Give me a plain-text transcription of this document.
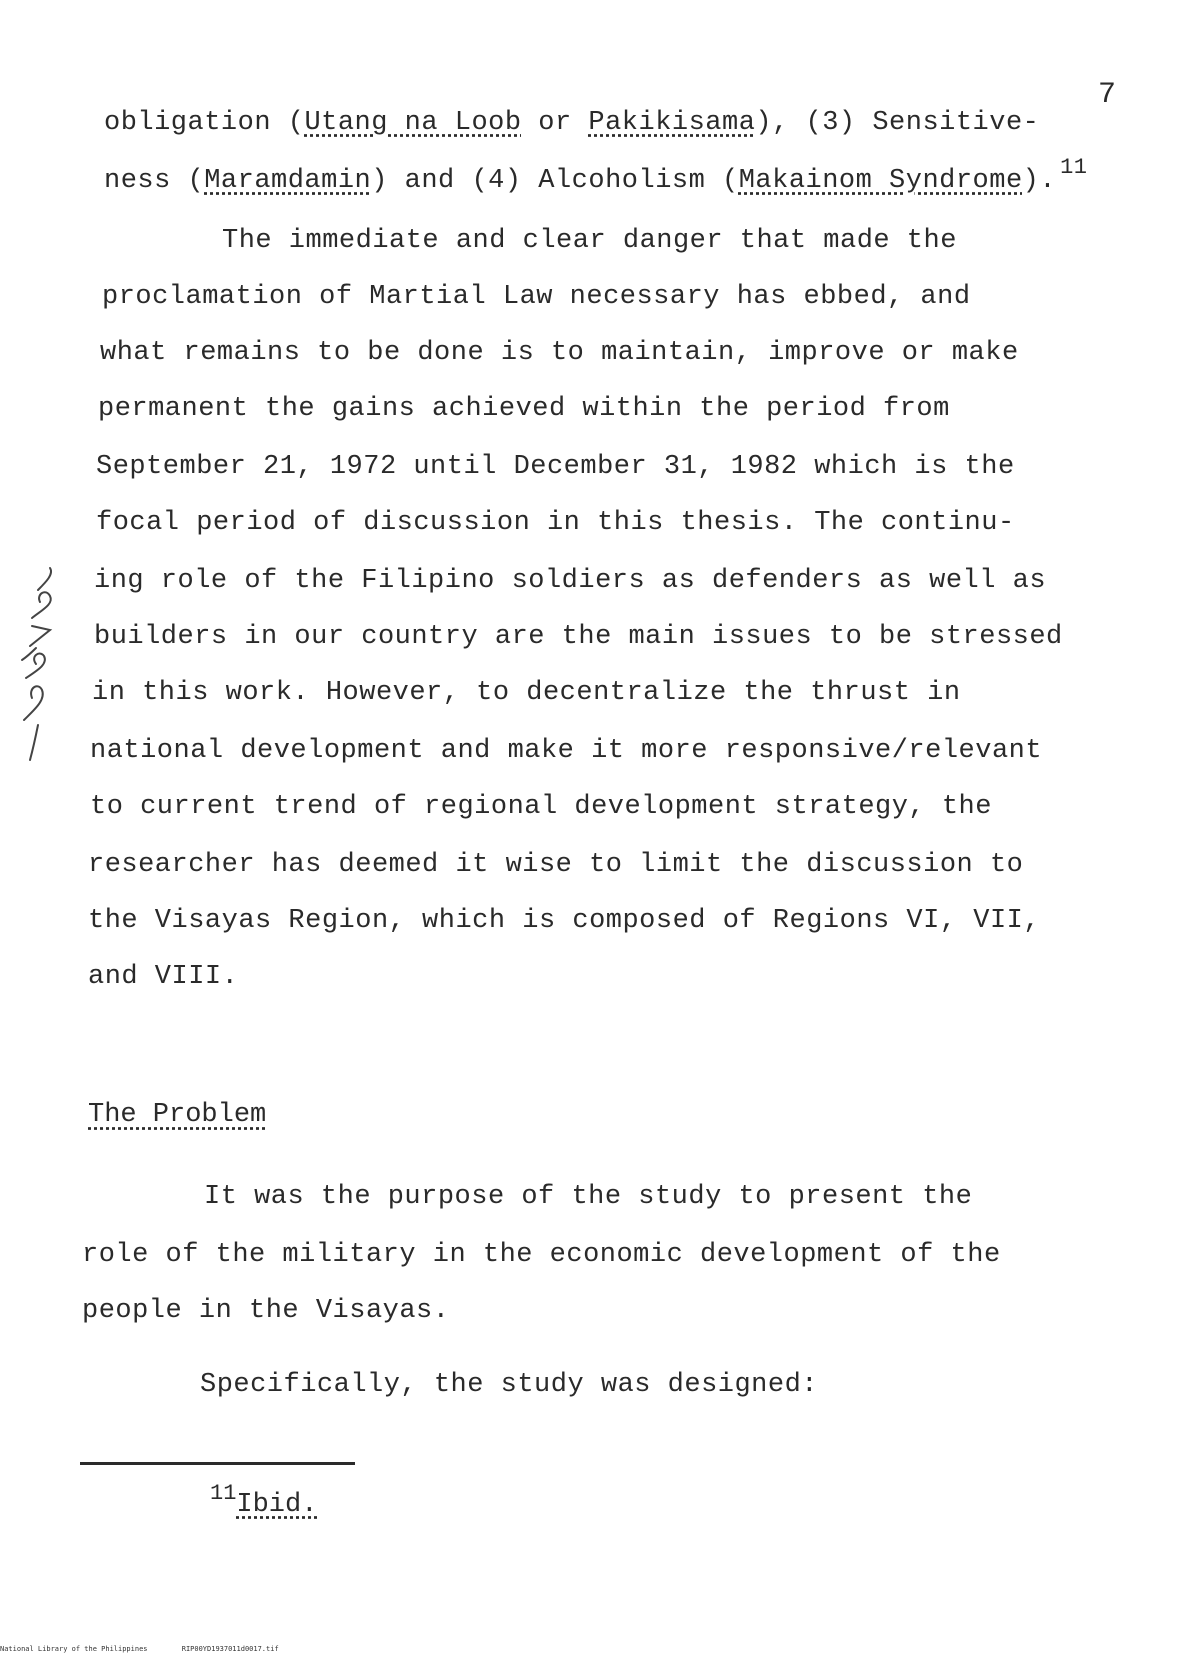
7
obligation (Utang na Loob or Pakikisama), (3) Sensitive-
ness (Maramdamin) and (4) Alcoholism (Makainom Syndrome). $^{11}$
The immediate and clear danger that made the
proclamation of Martial Law necessary has ebbed, and
what remains to be done is to maintain, improve or make
permanent the gains achieved within the period from
September 21, 1972 until December 31, 1982 which is the
focal period of discussion in this thesis. The continu-
ing role of the Filipino soldiers as defenders as well as
builders in our country are the main issues to be stressed
in this work. However, to decentralize the thrust in
national development and make it more responsive/relevant
to current trend of regional development strategy, the
researcher has deemed it wise to limit the discussion to
the Visayas Region, which is composed of Regions VI, VII,
and VIII.
The Problem
It was the purpose of the study to present the
role of the military in the economic development of the
people in the Visayas.
Specifically, the study was designed:
$^{11}$Ibid.
National Library of the Philippines	RIP00YD1937011d0017.tif
